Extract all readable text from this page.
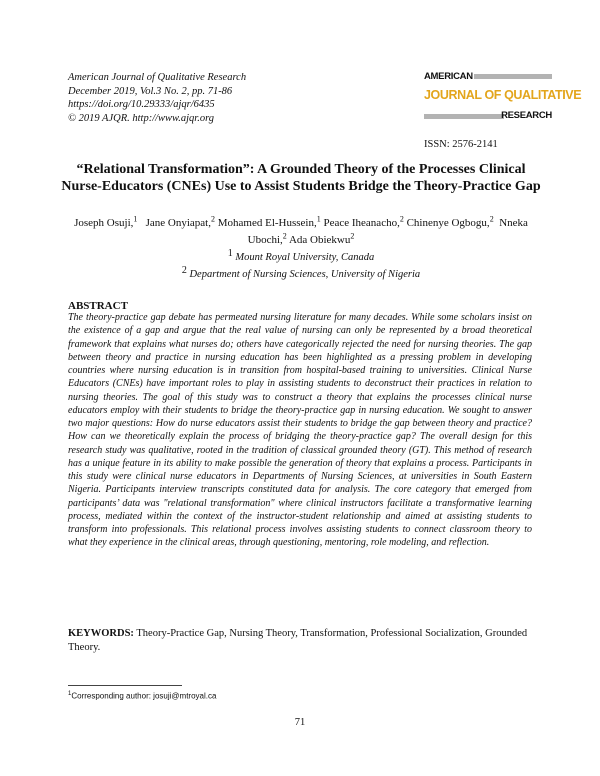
American Journal of Qualitative Research
December 2019, Vol.3 No. 2, pp. 71-86
https://doi.org/10.29333/ajqr/6435
© 2019 AJQR. http://www.ajqr.org
AMERICAN
JOURNAL OF QUALITATIVE
RESEARCH
ISSN: 2576-2141
“Relational Transformation”: A Grounded Theory of the Processes Clinical Nurse-Educators (CNEs) Use to Assist Students Bridge the Theory-Practice Gap
Joseph Osuji,$^1$ Jane Onyiapat,$^2$ Mohamed El-Hussein,$^1$ Peace Iheanacho,$^2$ Chinenye Ogbogu,$^2$ Nneka Ubochi,$^2$ Ada Obiekwu$^2$
$^1$ Mount Royal University, Canada
$^2$ Department of Nursing Sciences, University of Nigeria
ABSTRACT
The theory-practice gap debate has permeated nursing literature for many decades. While some scholars insist on the existence of a gap and argue that the real value of nursing can only be represented by a broad theoretical framework that explains what nurses do; others have categorically rejected the need for nursing theories. The gap between theory and practice in nursing education has been highlighted as a pressing problem in developing countries where nursing education is in transition from hospital-based training to universities. Clinical Nurse Educators (CNEs) have important roles to play in assisting students to deconstruct their practices in relation to nursing theories. The goal of this study was to construct a theory that explains the processes clinical nurse educators employ with their students to bridge the theory-practice gap in nursing education. We sought to answer two major questions: How do nurse educators assist their students to bridge the gap between theory and practice? How can we theoretically explain the process of bridging the theory-practice gap? The overall design for this research study was qualitative, rooted in the tradition of classical grounded theory (GT). This method of research has a unique feature in its ability to make possible the generation of theory that explains a process. Participants in this study were clinical nurse educators in Departments of Nursing Sciences, at universities in South Eastern Nigeria. Participants interview transcripts constituted data for analysis. The core category that emerged from participants’ data was "relational transformation" where clinical instructors facilitate a transformative learning process, mediated within the context of the instructor-student relationship and aimed at assisting students to transform into professionals. This relational process involves assisting students to connect classroom theory to what they experience in the clinical areas, through questioning, mentoring, role modeling, and reflection.
KEYWORDS: Theory-Practice Gap, Nursing Theory, Transformation, Professional Socialization, Grounded Theory.
$^1$Corresponding author: josuji@mtroyal.ca
71
